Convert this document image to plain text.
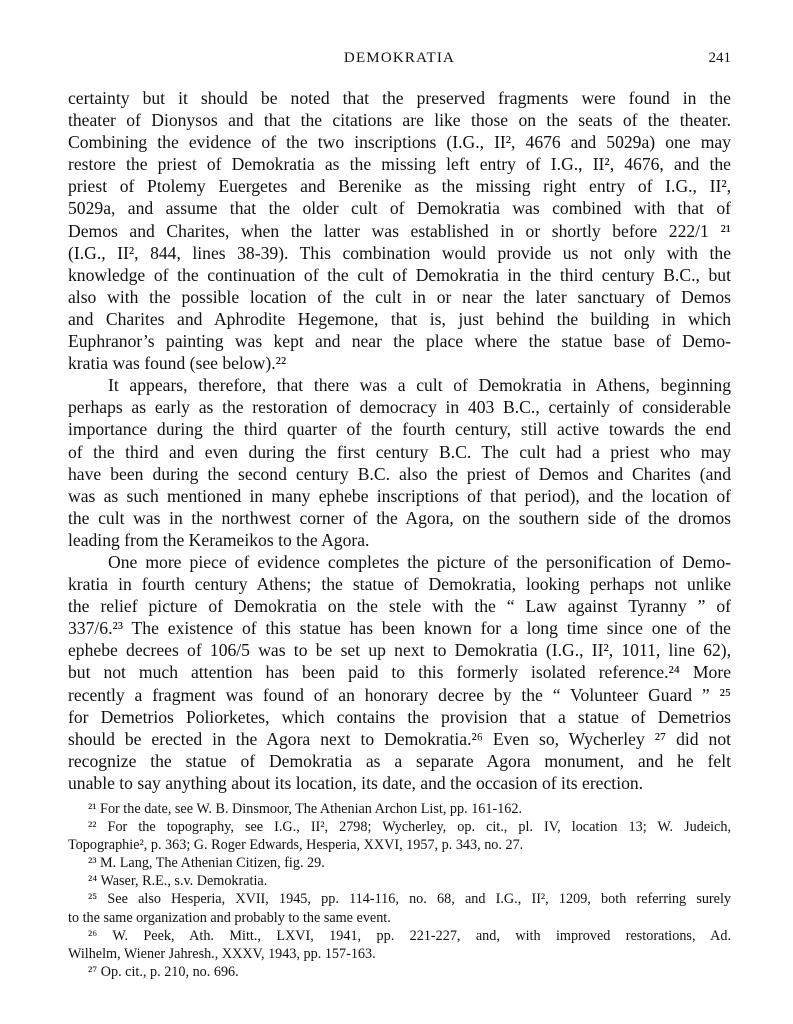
DEMOKRATIA	241
certainty but it should be noted that the preserved fragments were found in the
theater of Dionysos and that the citations are like those on the seats of the theater.
Combining the evidence of the two inscriptions (I.G., II², 4676 and 5029a) one may
restore the priest of Demokratia as the missing left entry of I.G., II², 4676, and the
priest of Ptolemy Euergetes and Berenike as the missing right entry of I.G., II²,
5029a, and assume that the older cult of Demokratia was combined with that of
Demos and Charites, when the latter was established in or shortly before 222/1 ²¹
(I.G., II², 844, lines 38-39). This combination would provide us not only with the
knowledge of the continuation of the cult of Demokratia in the third century B.C., but
also with the possible location of the cult in or near the later sanctuary of Demos
and Charites and Aphrodite Hegemone, that is, just behind the building in which
Euphranor’s painting was kept and near the place where the statue base of Demo-
kratia was found (see below).²²
It appears, therefore, that there was a cult of Demokratia in Athens, beginning
perhaps as early as the restoration of democracy in 403 B.C., certainly of considerable
importance during the third quarter of the fourth century, still active towards the end
of the third and even during the first century B.C. The cult had a priest who may
have been during the second century B.C. also the priest of Demos and Charites (and
was as such mentioned in many ephebe inscriptions of that period), and the location of
the cult was in the northwest corner of the Agora, on the southern side of the dromos
leading from the Kerameikos to the Agora.
One more piece of evidence completes the picture of the personification of Demo-
kratia in fourth century Athens; the statue of Demokratia, looking perhaps not unlike
the relief picture of Demokratia on the stele with the “ Law against Tyranny ” of
337/6.²³ The existence of this statue has been known for a long time since one of the
ephebe decrees of 106/5 was to be set up next to Demokratia (I.G., II², 1011, line 62),
but not much attention has been paid to this formerly isolated reference.²⁴ More
recently a fragment was found of an honorary decree by the “ Volunteer Guard ” ²⁵
for Demetrios Poliorketes, which contains the provision that a statue of Demetrios
should be erected in the Agora next to Demokratia.²⁶ Even so, Wycherley ²⁷ did not
recognize the statue of Demokratia as a separate Agora monument, and he felt
unable to say anything about its location, its date, and the occasion of its erection.
²¹ For the date, see W. B. Dinsmoor, The Athenian Archon List, pp. 161-162.
²² For the topography, see I.G., II², 2798; Wycherley, op. cit., pl. IV, location 13; W. Judeich,
Topographie², p. 363; G. Roger Edwards, Hesperia, XXVI, 1957, p. 343, no. 27.
²³ M. Lang, The Athenian Citizen, fig. 29.
²⁴ Waser, R.E., s.v. Demokratia.
²⁵ See also Hesperia, XVII, 1945, pp. 114-116, no. 68, and I.G., II², 1209, both referring surely
to the same organization and probably to the same event.
²⁶ W. Peek, Ath. Mitt., LXVI, 1941, pp. 221-227, and, with improved restorations, Ad.
Wilhelm, Wiener Jahresh., XXXV, 1943, pp. 157-163.
²⁷ Op. cit., p. 210, no. 696.
